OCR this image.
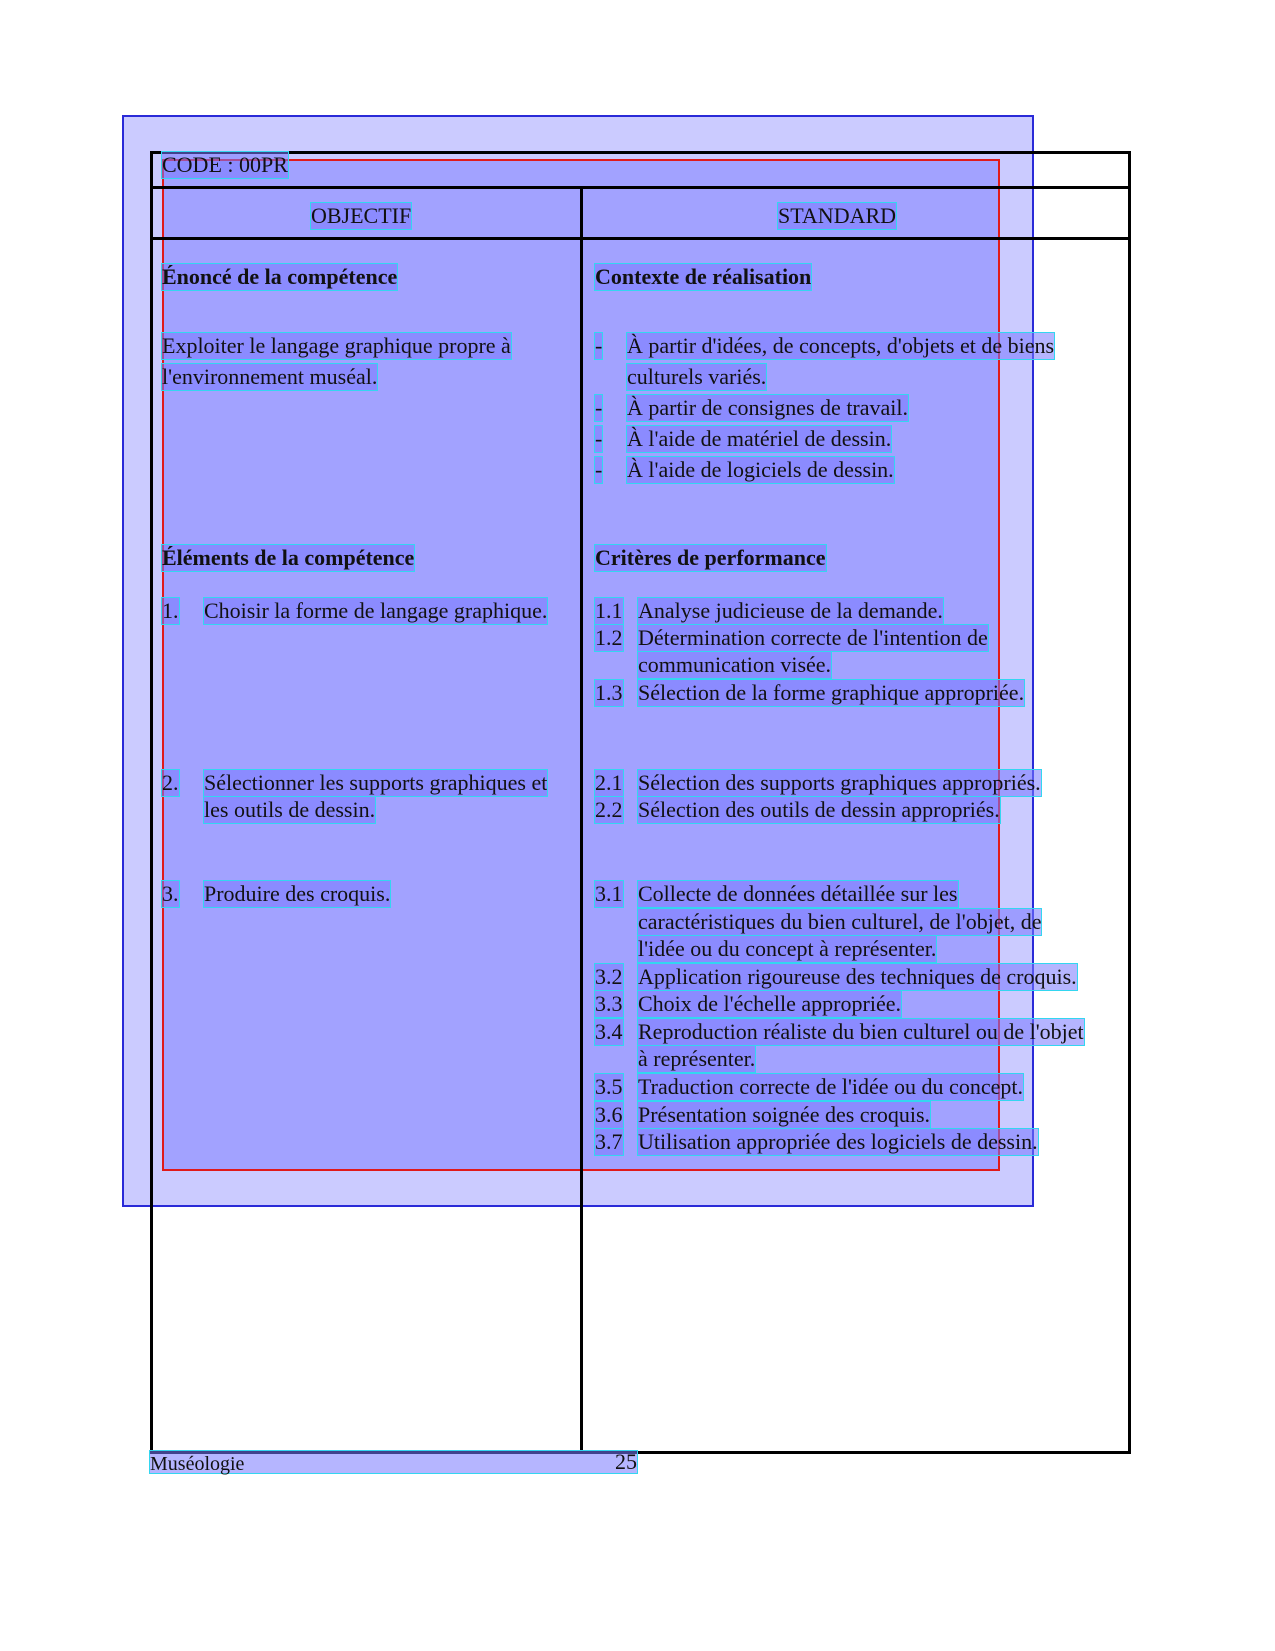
CODE : 00PR
OBJECTIF	STANDARD
Énoncé de la compétence
Exploiter le langage graphique propre à
l'environnement muséal.
Contexte de réalisation
- À partir d'idées, de concepts, d'objets et de biens
culturels variés.
- À partir de consignes de travail.
- À l'aide de matériel de dessin.
- À l'aide de logiciels de dessin.
Éléments de la compétence
1. Choisir la forme de langage graphique.
2. Sélectionner les supports graphiques et
les outils de dessin.
3. Produire des croquis.
Critères de performance
1.1 Analyse judicieuse de la demande.
1.2 Détermination correcte de l'intention de
communication visée.
1.3 Sélection de la forme graphique appropriée.
2.1 Sélection des supports graphiques appropriés.
2.2 Sélection des outils de dessin appropriés.
3.1 Collecte de données détaillée sur les
caractéristiques du bien culturel, de l'objet, de
l'idée ou du concept à représenter.
3.2 Application rigoureuse des techniques de croquis.
3.3 Choix de l'échelle appropriée.
3.4 Reproduction réaliste du bien culturel ou de l'objet
à représenter.
3.5 Traduction correcte de l'idée ou du concept.
3.6 Présentation soignée des croquis.
3.7 Utilisation appropriée des logiciels de dessin.
Muséologie	25
